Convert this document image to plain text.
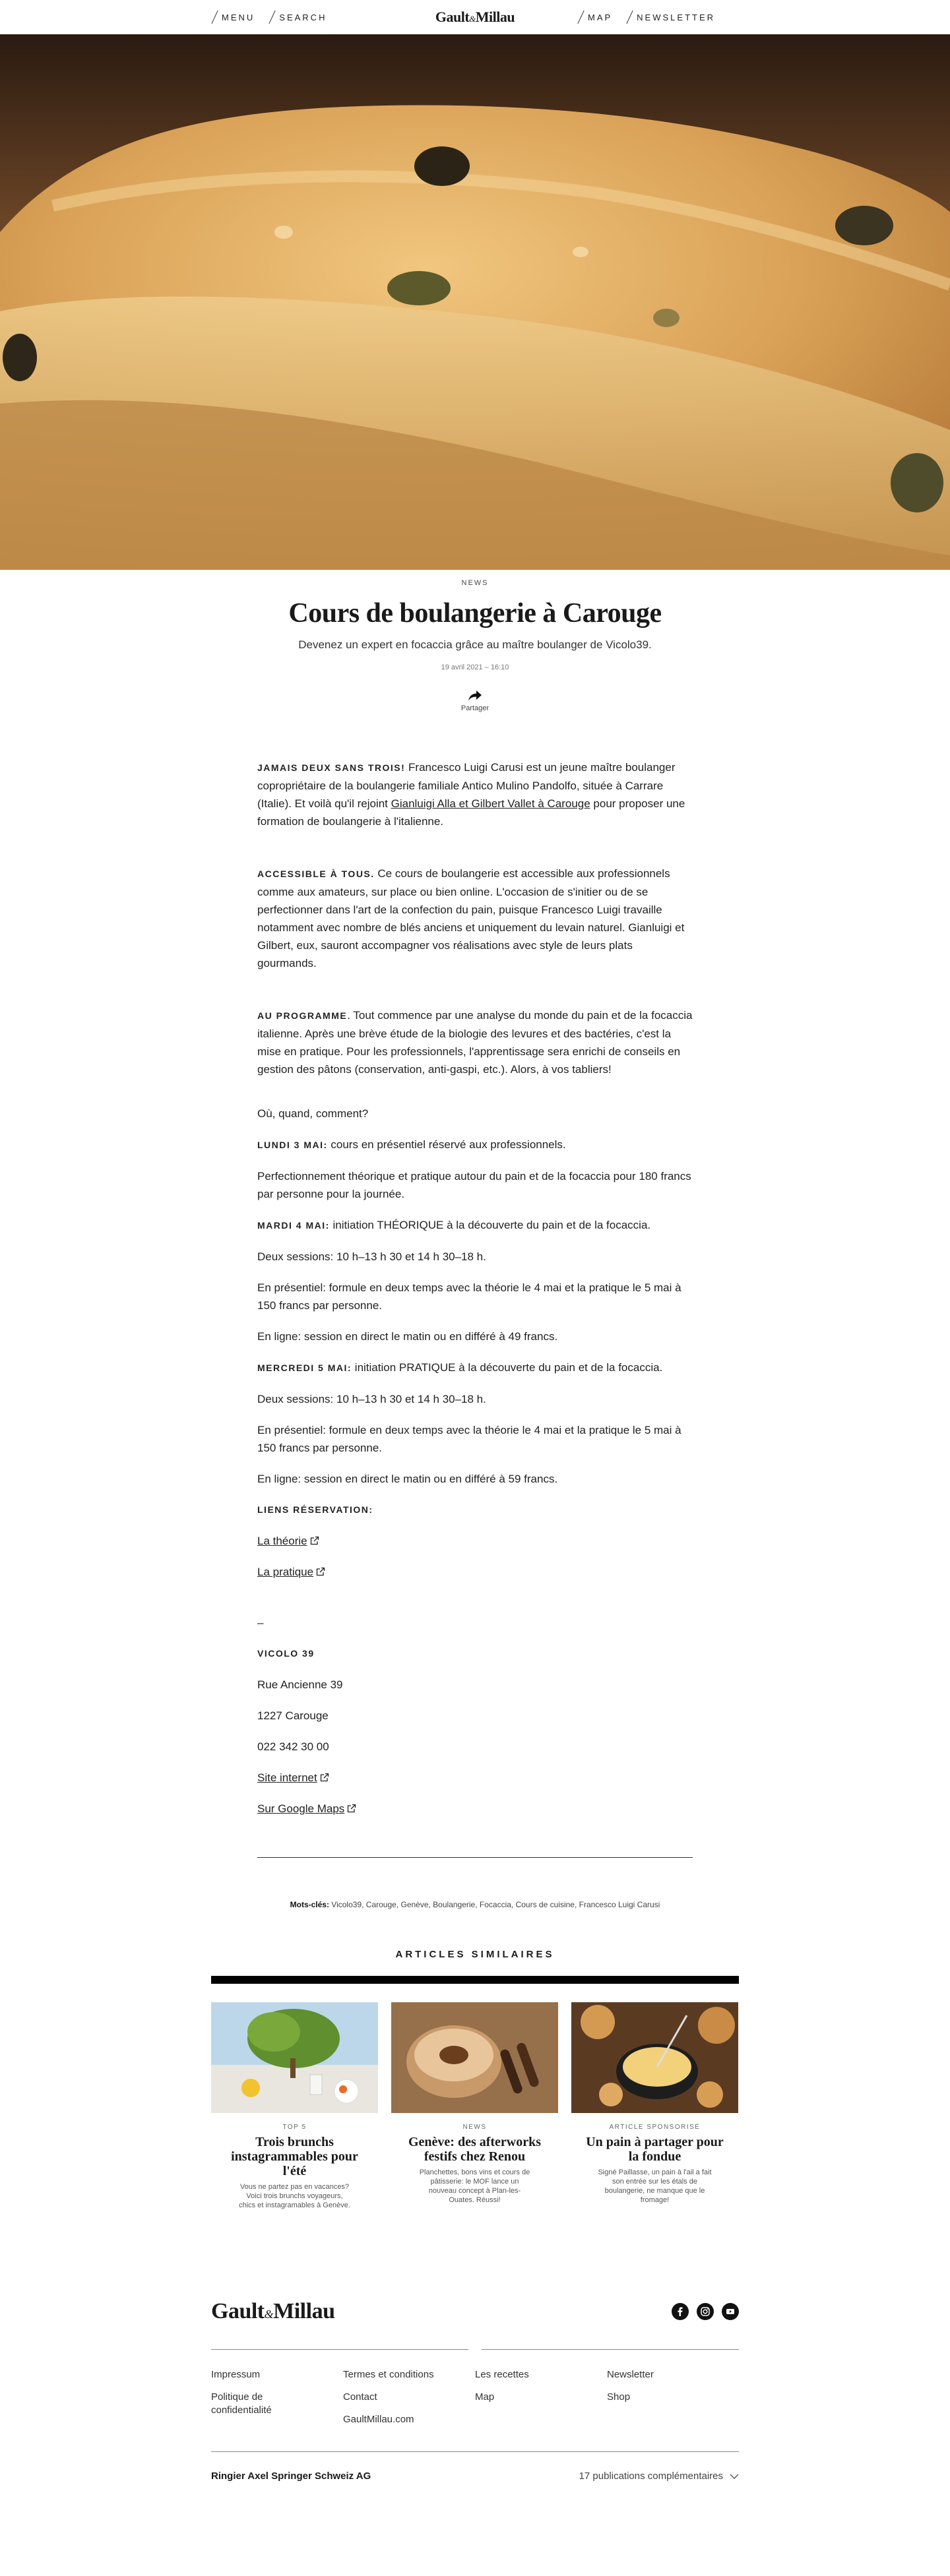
MENU	SEARCH	Gault&Millau	MAP	NEWSLETTER
NEWS
Cours de boulangerie à Carouge
Devenez un expert en focaccia grâce au maître boulanger de Vicolo39.
19 avril 2021 – 16:10
Partager

JAMAIS DEUX SANS TROIS! Francesco Luigi Carusi est un jeune maître boulanger copropriétaire de la boulangerie familiale Antico Mulino Pandolfo, située à Carrare (Italie). Et voilà qu'il rejoint Gianluigi Alla et Gilbert Vallet à Carouge pour proposer une formation de boulangerie à l'italienne.

ACCESSIBLE À TOUS. Ce cours de boulangerie est accessible aux professionnels comme aux amateurs, sur place ou bien online. L'occasion de s'initier ou de se perfectionner dans l'art de la confection du pain, puisque Francesco Luigi travaille notamment avec nombre de blés anciens et uniquement du levain naturel. Gianluigi et Gilbert, eux, sauront accompagner vos réalisations avec style de leurs plats gourmands.

AU PROGRAMME. Tout commence par une analyse du monde du pain et de la focaccia italienne. Après une brève étude de la biologie des levures et des bactéries, c'est la mise en pratique. Pour les professionnels, l'apprentissage sera enrichi de conseils en gestion des pâtons (conservation, anti-gaspi, etc.). Alors, à vos tabliers!

Où, quand, comment?

LUNDI 3 MAI: cours en présentiel réservé aux professionnels.

Perfectionnement théorique et pratique autour du pain et de la focaccia pour 180 francs par personne pour la journée.

MARDI 4 MAI: initiation THÉORIQUE à la découverte du pain et de la focaccia.

Deux sessions: 10 h–13 h 30 et 14 h 30–18 h.

En présentiel: formule en deux temps avec la théorie le 4 mai et la pratique le 5 mai à 150 francs par personne.

En ligne: session en direct le matin ou en différé à 49 francs.

MERCREDI 5 MAI: initiation PRATIQUE à la découverte du pain et de la focaccia.

Deux sessions: 10 h–13 h 30 et 14 h 30–18 h.

En présentiel: formule en deux temps avec la théorie le 4 mai et la pratique le 5 mai à 150 francs par personne.

En ligne: session en direct le matin ou en différé à 59 francs.

LIENS RÉSERVATION:

La théorie

La pratique

–

VICOLO 39

Rue Ancienne 39

1227 Carouge

022 342 30 00

Site internet

Sur Google Maps

Mots-clés: Vicolo39, Carouge, Genève, Boulangerie, Focaccia, Cours de cuisine, Francesco Luigi Carusi
ARTICLES SIMILAIRES
TOP 5
Trois brunchs instagrammables pour l'été
Vous ne partez pas en vacances? Voici trois brunchs voyageurs, chics et instagramables à Genève.
NEWS
Genève: des afterworks festifs chez Renou
Planchettes, bons vins et cours de pâtisserie: le MOF lance un nouveau concept à Plan-les-Ouates. Réussi!
ARTICLE SPONSORISÉ
Un pain à partager pour la fondue
Signé Paillasse, un pain à l'ail a fait son entrée sur les étals de boulangerie, ne manque que le fromage!
Gault&Millau
Impressum
Politique de confidentialité
Termes et conditions
Contact
GaultMillau.com
Les recettes
Map
Newsletter
Shop
Ringier Axel Springer Schweiz AG	17 publications complémentaires
